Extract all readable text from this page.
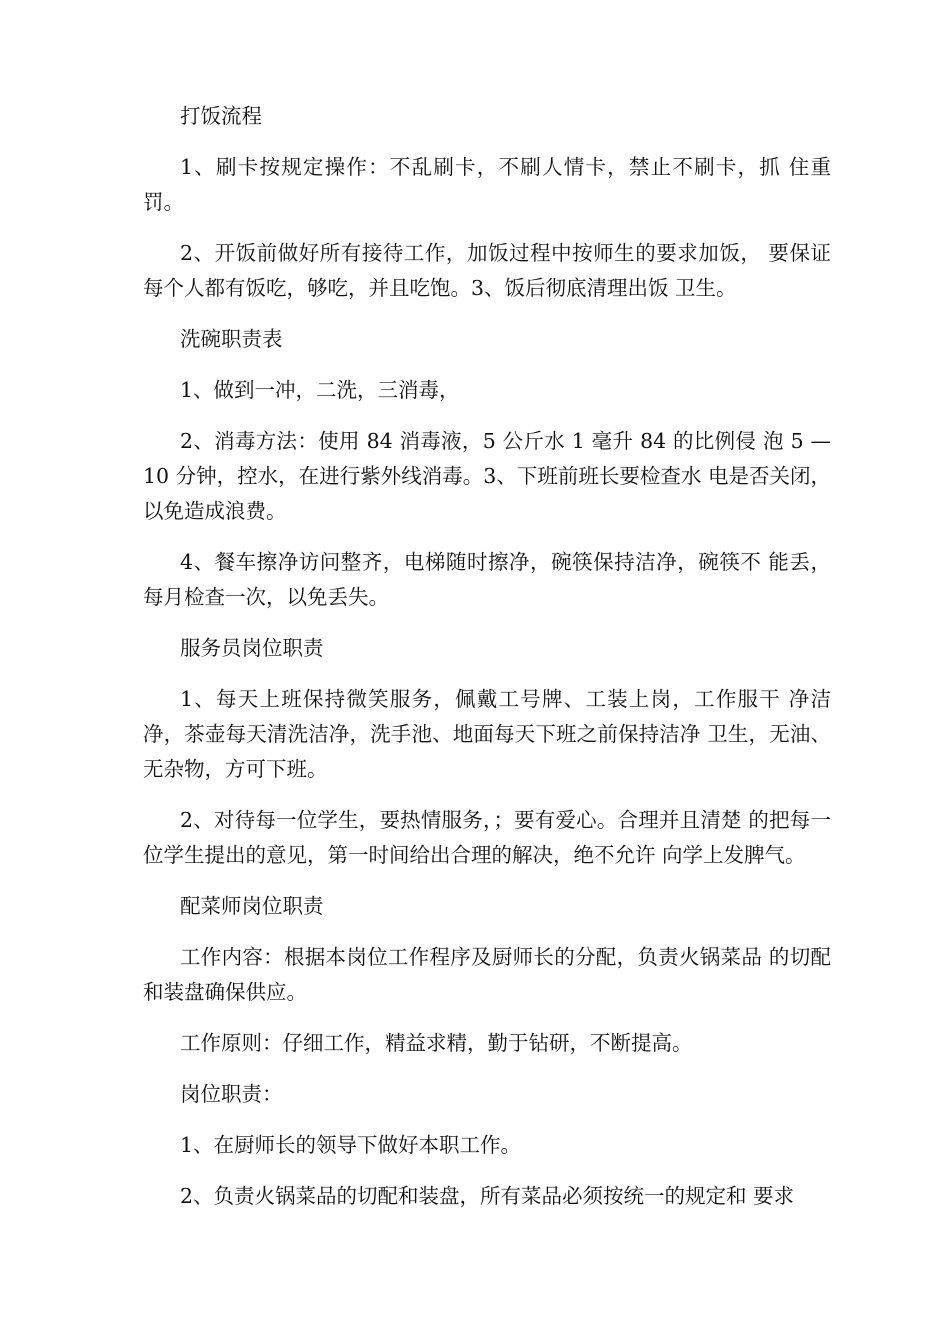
打饭流程

1、刷卡按规定操作：不乱刷卡，不刷人情卡，禁止不刷卡，抓 住重罚。

2、开饭前做好所有接待工作，加饭过程中按师生的要求加饭， 要保证每个人都有饭吃，够吃，并且吃饱。3、饭后彻底清理出饭 卫生。

洗碗职责表

1、做到一冲，二洗，三消毒，

2、消毒方法：使用 84 消毒液，5 公斤水 1 毫升 84 的比例侵 泡 5 —10 分钟，控水，在进行紫外线消毒。3、下班前班长要检查水 电是否关闭，以免造成浪费。

4、餐车擦净访问整齐，电梯随时擦净，碗筷保持洁净，碗筷不 能丢，每月检查一次，以免丢失。

服务员岗位职责

1、每天上班保持微笑服务，佩戴工号牌、工装上岗，工作服干 净洁净，茶壶每天清洗洁净，洗手池、地面每天下班之前保持洁净 卫生，无油、无杂物，方可下班。

2、对待每一位学生，要热情服务，；要有爱心。合理并且清楚 的把每一位学生提出的意见，第一时间给出合理的解决，绝不允许 向学上发脾气。

配菜师岗位职责

工作内容：根据本岗位工作程序及厨师长的分配，负责火锅菜品 的切配和装盘确保供应。

工作原则：仔细工作，精益求精，勤于钻研，不断提高。

岗位职责：

1、在厨师长的领导下做好本职工作。

2、负责火锅菜品的切配和装盘，所有菜品必须按统一的规定和 要求
